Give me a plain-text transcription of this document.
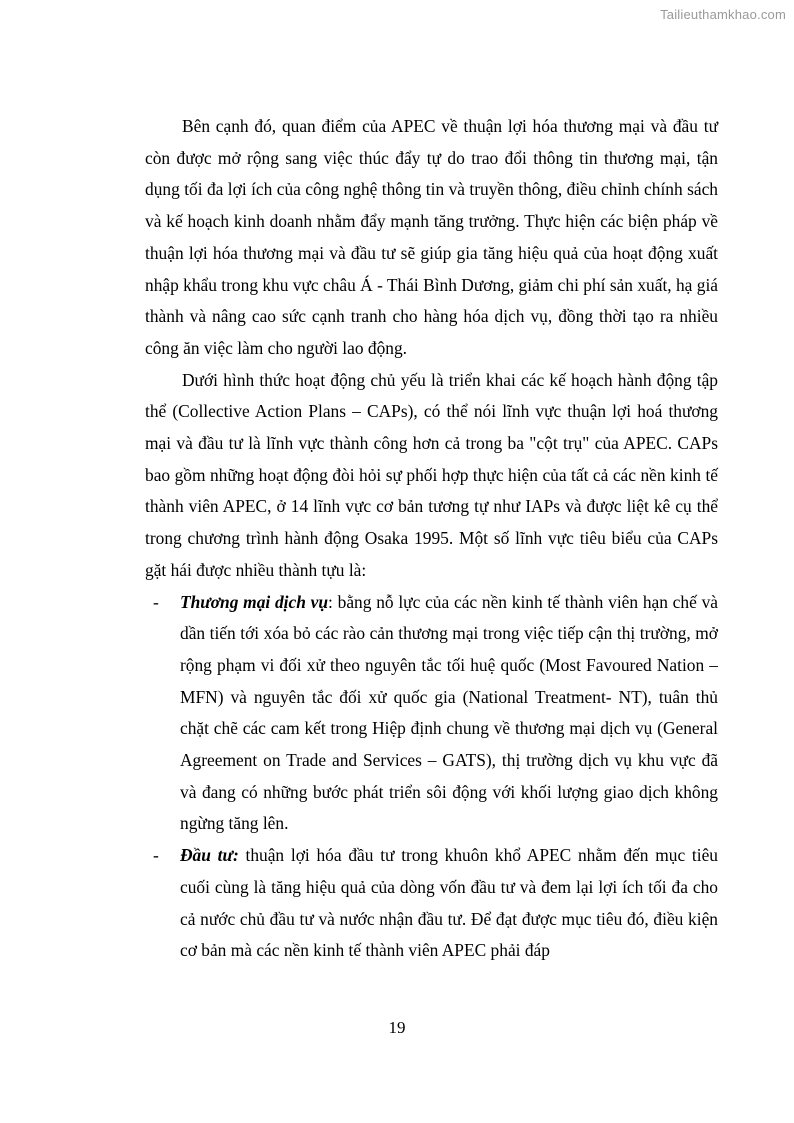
Tailieuthamkhao.com

Bên cạnh đó, quan điểm của APEC về thuận lợi hóa thương mại và đầu tư còn được mở rộng sang việc thúc đẩy tự do trao đổi thông tin thương mại, tận dụng tối đa lợi ích của công nghệ thông tin và truyền thông, điều chỉnh chính sách và kế hoạch kinh doanh nhằm đẩy mạnh tăng trưởng. Thực hiện các biện pháp về thuận lợi hóa thương mại và đầu tư sẽ giúp gia tăng hiệu quả của hoạt động xuất nhập khẩu trong khu vực châu Á - Thái Bình Dương, giảm chi phí sản xuất, hạ giá thành và nâng cao sức cạnh tranh cho hàng hóa dịch vụ, đồng thời tạo ra nhiều công ăn việc làm cho người lao động.

Dưới hình thức hoạt động chủ yếu là triển khai các kế hoạch hành động tập thể (Collective Action Plans – CAPs), có thể nói lĩnh vực thuận lợi hoá thương mại và đầu tư là lĩnh vực thành công hơn cả trong ba "cột trụ" của APEC. CAPs bao gồm những hoạt động đòi hỏi sự phối hợp thực hiện của tất cả các nền kinh tế thành viên APEC, ở 14 lĩnh vực cơ bản tương tự như IAPs và được liệt kê cụ thể trong chương trình hành động Osaka 1995. Một số lĩnh vực tiêu biểu của CAPs gặt hái được nhiều thành tựu là:

- Thương mại dịch vụ: bằng nỗ lực của các nền kinh tế thành viên hạn chế và dần tiến tới xóa bỏ các rào cản thương mại trong việc tiếp cận thị trường, mở rộng phạm vi đối xử theo nguyên tắc tối huệ quốc (Most Favoured Nation – MFN) và nguyên tắc đối xử quốc gia (National Treatment- NT), tuân thủ chặt chẽ các cam kết trong Hiệp định chung về thương mại dịch vụ (General Agreement on Trade and Services – GATS), thị trường dịch vụ khu vực đã và đang có những bước phát triển sôi động với khối lượng giao dịch không ngừng tăng lên.

- Đầu tư: thuận lợi hóa đầu tư trong khuôn khổ APEC nhằm đến mục tiêu cuối cùng là tăng hiệu quả của dòng vốn đầu tư và đem lại lợi ích tối đa cho cả nước chủ đầu tư và nước nhận đầu tư. Để đạt được mục tiêu đó, điều kiện cơ bản mà các nền kinh tế thành viên APEC phải đáp

19
